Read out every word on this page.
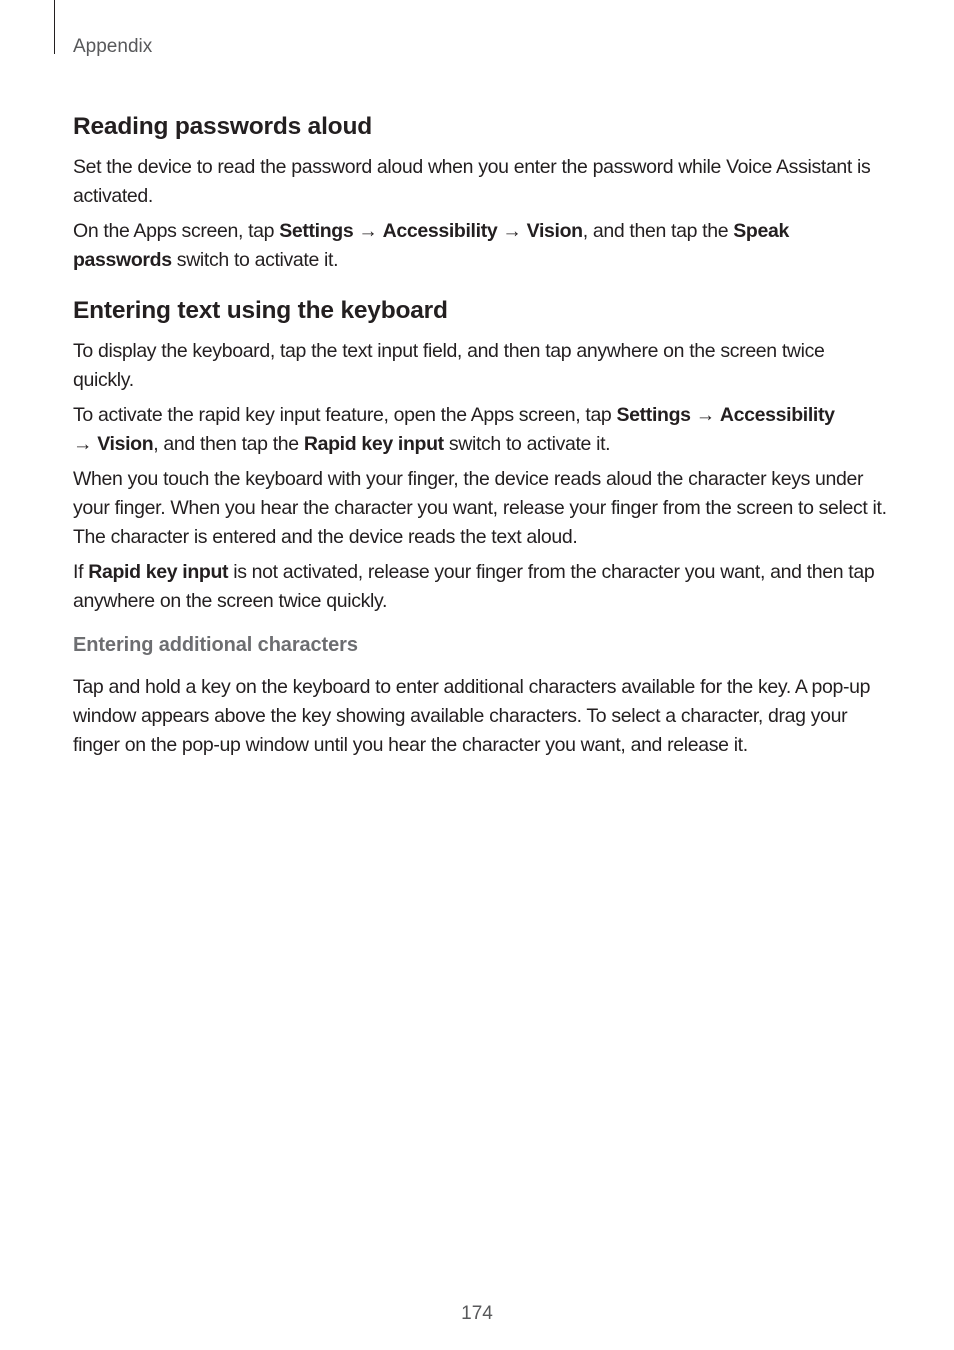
Appendix
Reading passwords aloud

Set the device to read the password aloud when you enter the password while Voice Assistant is activated.

On the Apps screen, tap Settings → Accessibility → Vision, and then tap the Speak passwords switch to activate it.

Entering text using the keyboard

To display the keyboard, tap the text input field, and then tap anywhere on the screen twice quickly.

To activate the rapid key input feature, open the Apps screen, tap Settings → Accessibility
→ Vision, and then tap the Rapid key input switch to activate it.

When you touch the keyboard with your finger, the device reads aloud the character keys under your finger. When you hear the character you want, release your finger from the screen to select it. The character is entered and the device reads the text aloud.

If Rapid key input is not activated, release your finger from the character you want, and then tap anywhere on the screen twice quickly.

Entering additional characters

Tap and hold a key on the keyboard to enter additional characters available for the key. A pop-up window appears above the key showing available characters. To select a character, drag your finger on the pop-up window until you hear the character you want, and release it.

174
